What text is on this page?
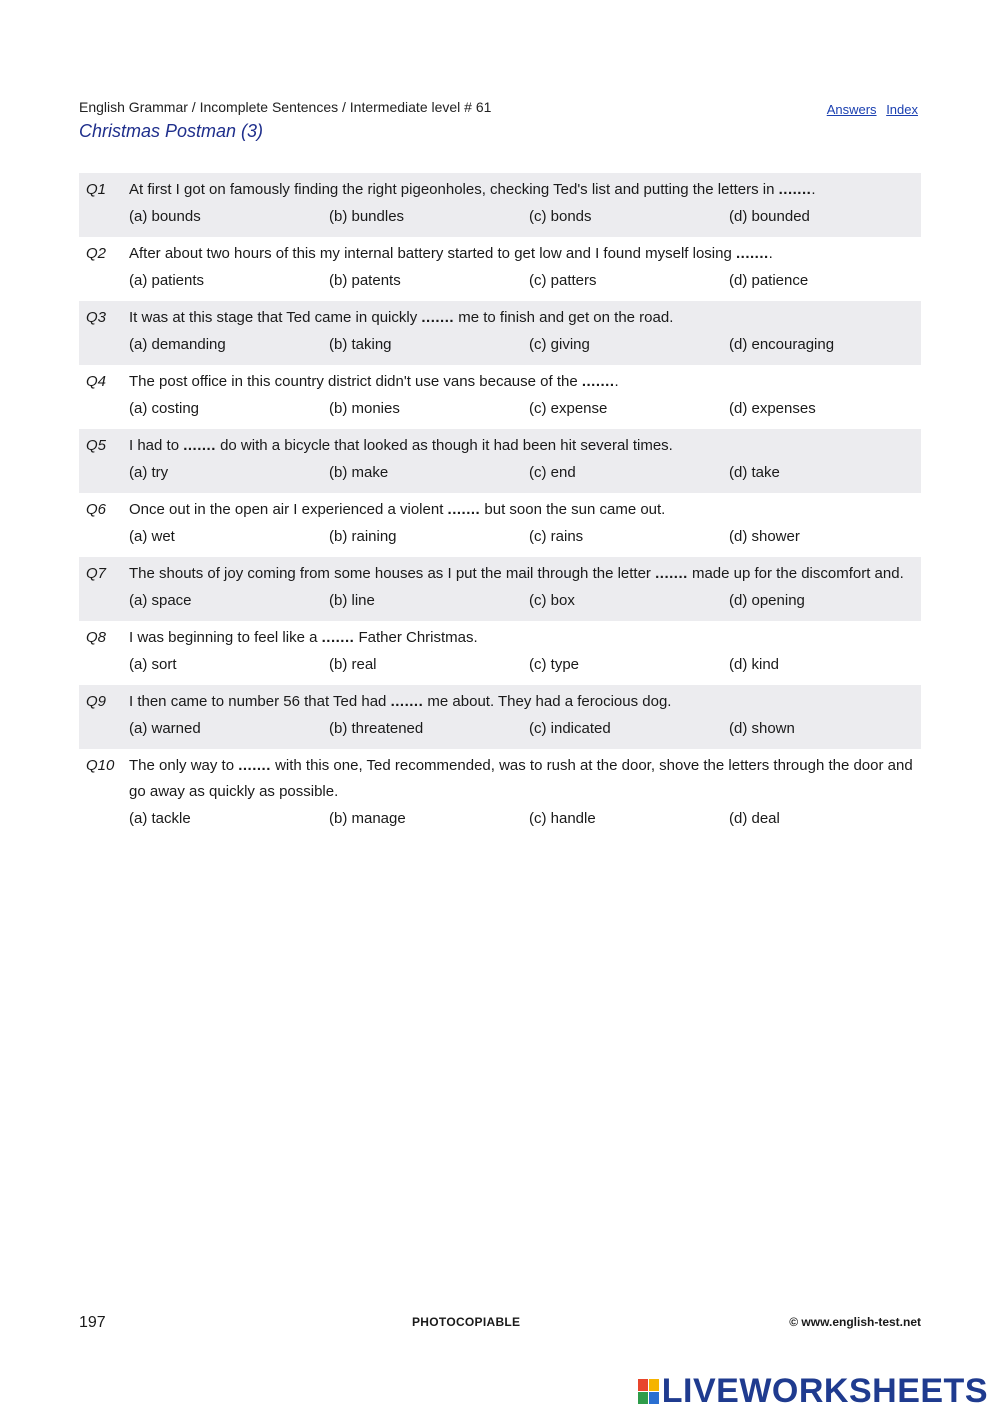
English Grammar / Incomplete Sentences / Intermediate level # 61	Answers Index
Christmas Postman (3)
Q1	At first I got on famously finding the right pigeonholes, checking Ted's list and putting the letters in ........
(a) bounds	(b) bundles	(c) bonds	(d) bounded
Q2	After about two hours of this my internal battery started to get low and I found myself losing ........
(a) patients	(b) patents	(c) patters	(d) patience
Q3	It was at this stage that Ted came in quickly ....... me to finish and get on the road.
(a) demanding	(b) taking	(c) giving	(d) encouraging
Q4	The post office in this country district didn't use vans because of the ........
(a) costing	(b) monies	(c) expense	(d) expenses
Q5	I had to ....... do with a bicycle that looked as though it had been hit several times.
(a) try	(b) make	(c) end	(d) take
Q6	Once out in the open air I experienced a violent ....... but soon the sun came out.
(a) wet	(b) raining	(c) rains	(d) shower
Q7	The shouts of joy coming from some houses as I put the mail through the letter ....... made up for the discomfort and.
(a) space	(b) line	(c) box	(d) opening
Q8	I was beginning to feel like a ....... Father Christmas.
(a) sort	(b) real	(c) type	(d) kind
Q9	I then came to number 56 that Ted had ....... me about. They had a ferocious dog.
(a) warned	(b) threatened	(c) indicated	(d) shown
Q10 The only way to ....... with this one, Ted recommended, was to rush at the door, shove the letters through the door and go away as quickly as possible.
(a) tackle	(b) manage	(c) handle	(d) deal
197	PHOTOCOPIABLE	© www.english-test.net
LIVEWORKSHEETS
